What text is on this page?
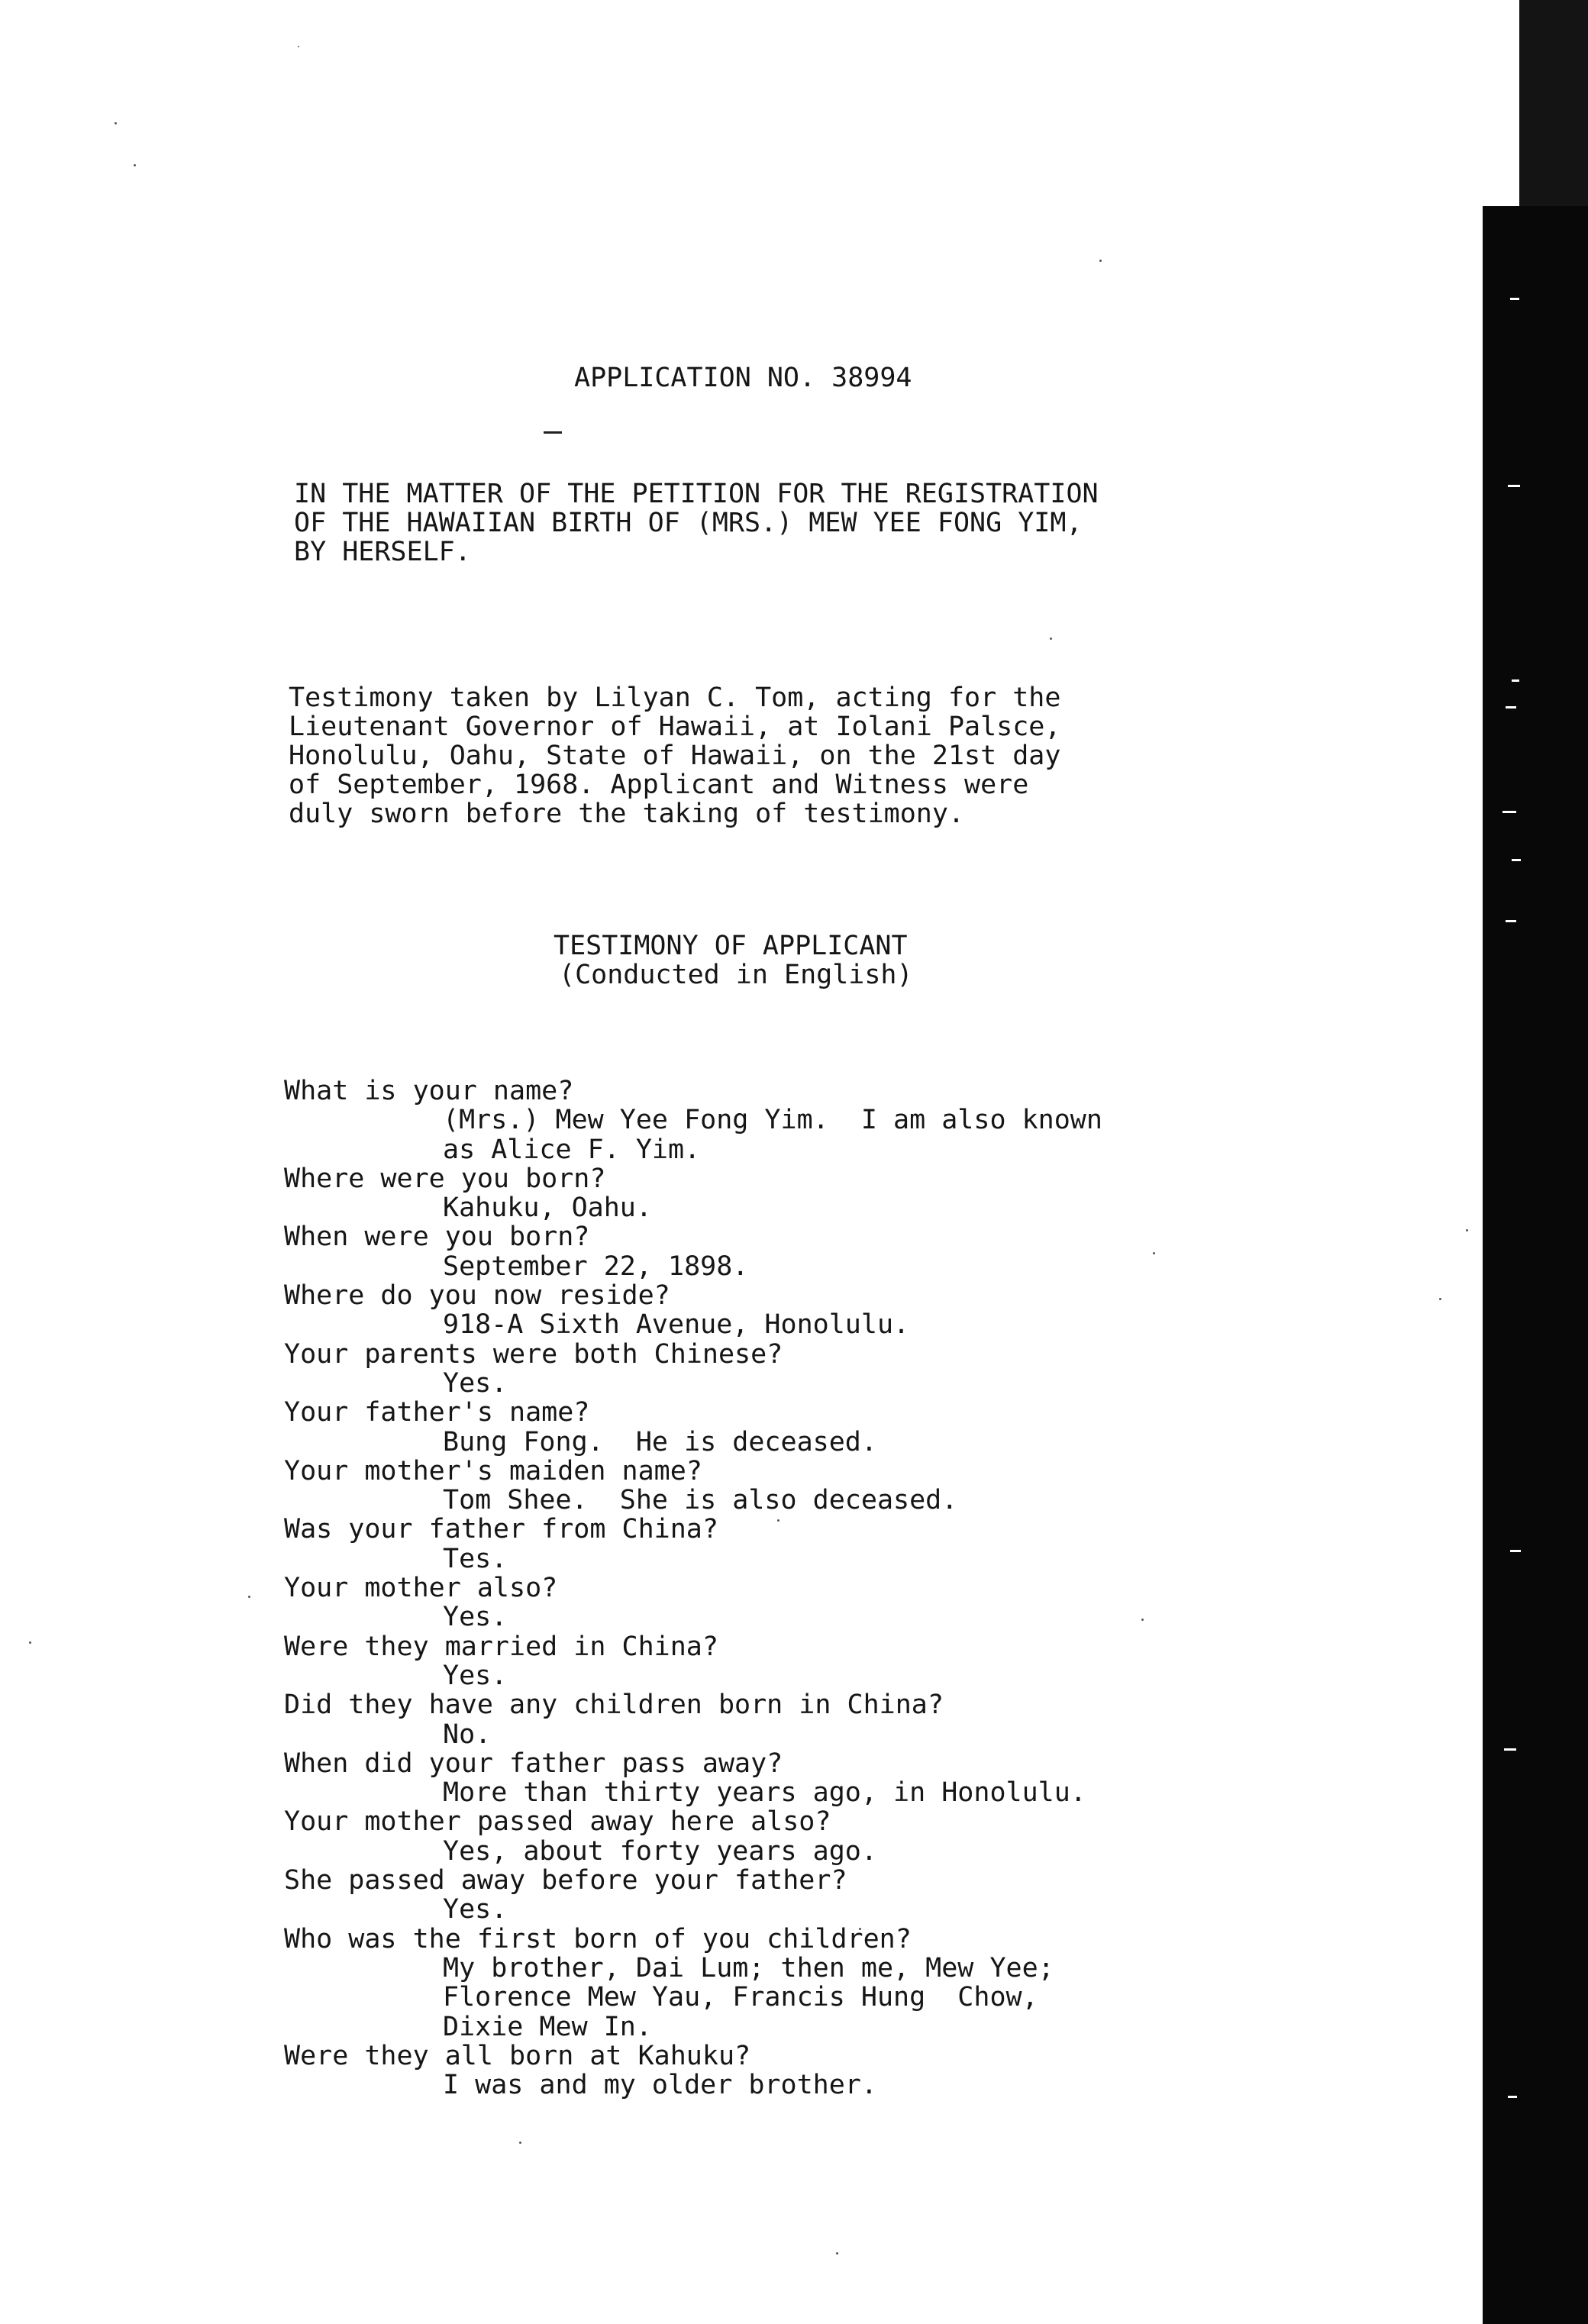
APPLICATION NO. 38994
IN THE MATTER OF THE PETITION FOR THE REGISTRATION
OF THE HAWAIIAN BIRTH OF (MRS.) MEW YEE FONG YIM,
BY HERSELF.
Testimony taken by Lilyan C. Tom, acting for the
Lieutenant Governor of Hawaii, at Iolani Palsce,
Honolulu, Oahu, State of Hawaii, on the 21st day
of September, 1968. Applicant and Witness were
duly sworn before the taking of testimony.
TESTIMONY OF APPLICANT
(Conducted in English)
What is your name?
(Mrs.) Mew Yee Fong Yim.  I am also known
as Alice F. Yim.
Where were you born?
Kahuku, Oahu.
When were you born?
September 22, 1898.
Where do you now reside?
918-A Sixth Avenue, Honolulu.
Your parents were both Chinese?
Yes.
Your father's name?
Bung Fong.  He is deceased.
Your mother's maiden name?
Tom Shee.  She is also deceased.
Was your father from China?
Tes.
Your mother also?
Yes.
Were they married in China?
Yes.
Did they have any children born in China?
No.
When did your father pass away?
More than thirty years ago, in Honolulu.
Your mother passed away here also?
Yes, about forty years ago.
She passed away before your father?
Yes.
Who was the first born of you children?
My brother, Dai Lum; then me, Mew Yee;
Florence Mew Yau, Francis Hung  Chow,
Dixie Mew In.
Were they all born at Kahuku?
I was and my older brother.
